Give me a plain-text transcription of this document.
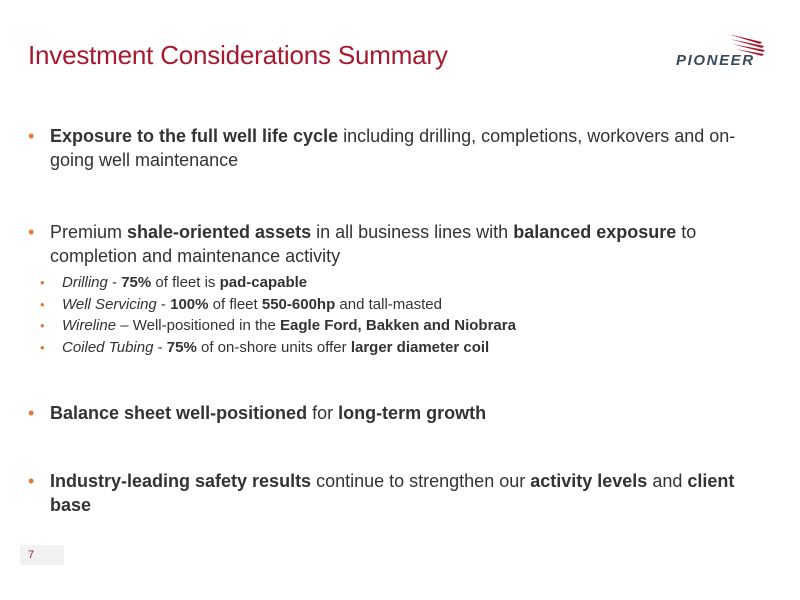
Investment Considerations Summary	PIONEER
• Exposure to the full well life cycle including drilling, completions, workovers and on-going well maintenance
• Premium shale-oriented assets in all business lines with balanced exposure to completion and maintenance activity
• Drilling - 75% of fleet is pad-capable
• Well Servicing - 100% of fleet 550-600hp and tall-masted
• Wireline – Well-positioned in the Eagle Ford, Bakken and Niobrara
• Coiled Tubing - 75% of on-shore units offer larger diameter coil
• Balance sheet well-positioned for long-term growth
• Industry-leading safety results continue to strengthen our activity levels and client base
7
